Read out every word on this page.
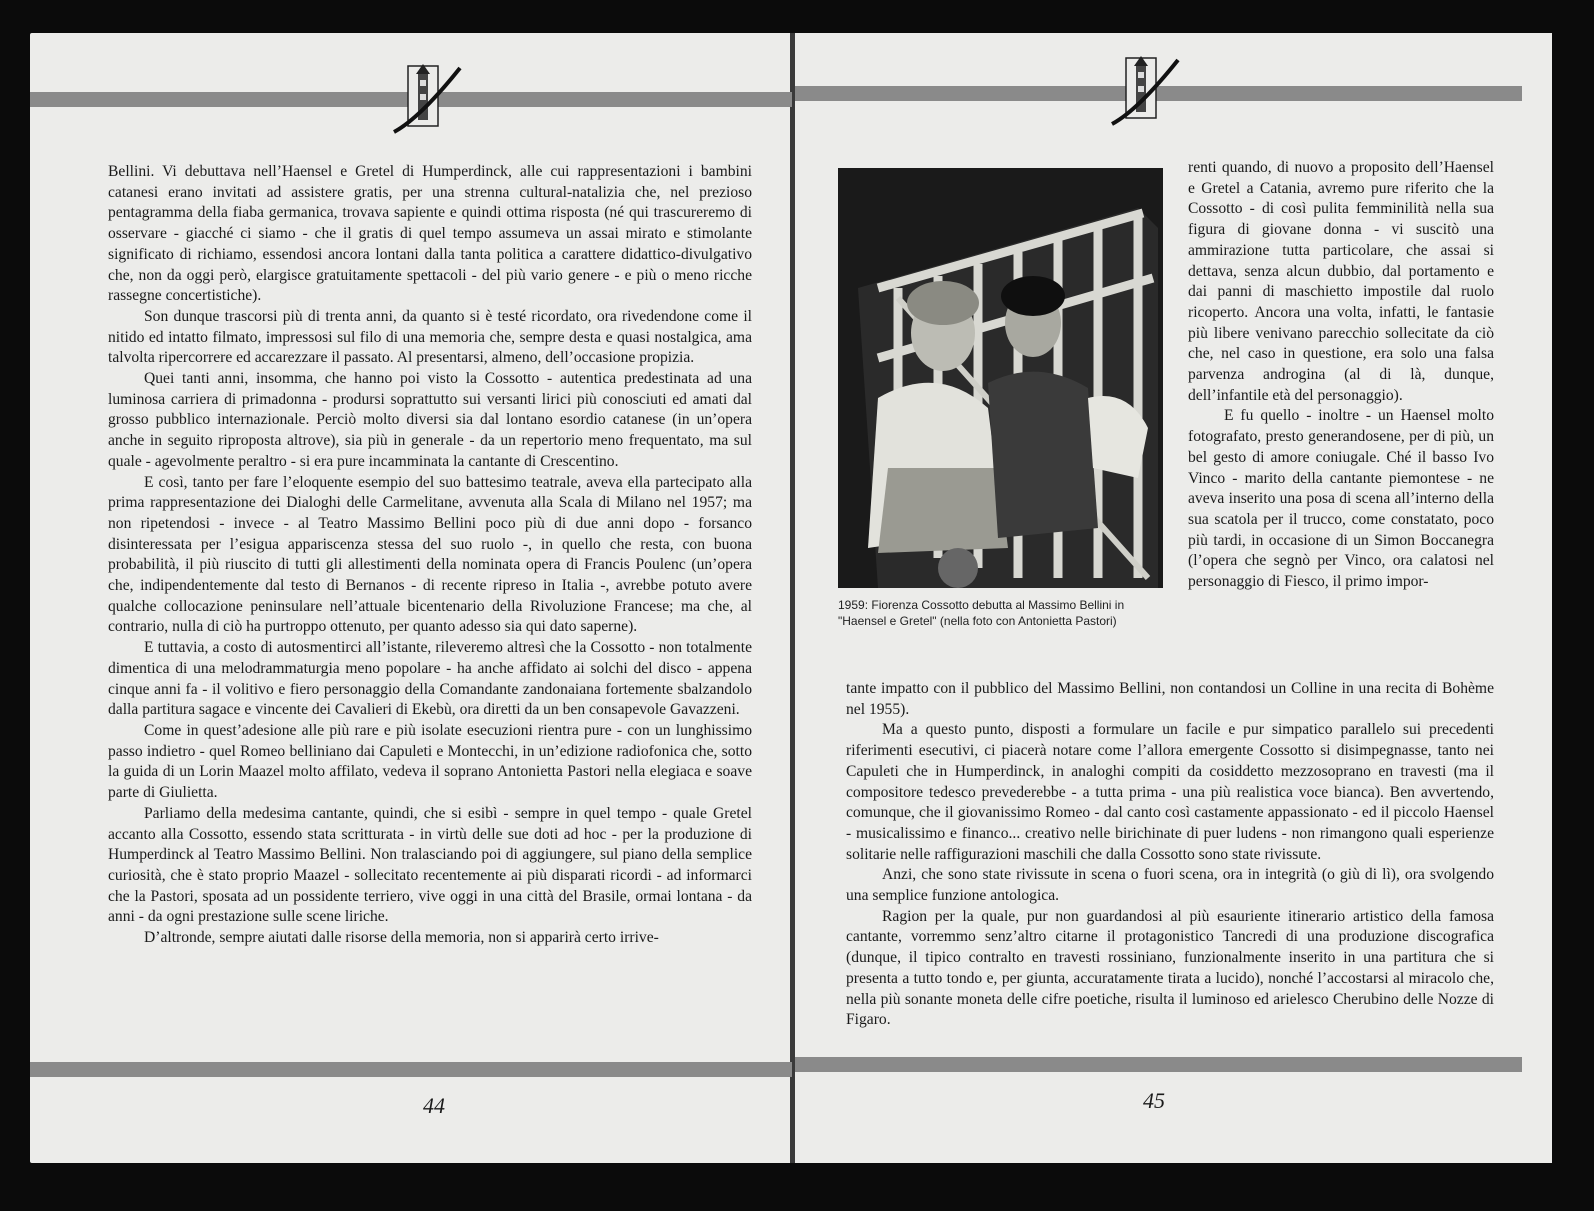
Bellini. Vi debuttava nell’Haensel e Gretel di Humperdinck, alle cui rappresentazioni i bambini catanesi erano invitati ad assistere gratis, per una strenna cultural-natalizia che, nel prezioso pentagramma della fiaba germanica, trovava sapiente e quindi ottima risposta (né qui trascureremo di osservare - giacché ci siamo - che il gratis di quel tempo assumeva un assai mirato e stimolante significato di richiamo, essendosi ancora lontani dalla tanta politica a carattere didattico-divulgativo che, non da oggi però, elargisce gratuitamente spettacoli - del più vario genere - e più o meno ricche rassegne concertistiche).

Son dunque trascorsi più di trenta anni, da quanto si è testé ricordato, ora rivedendone come il nitido ed intatto filmato, impressosi sul filo di una memoria che, sempre desta e quasi nostalgica, ama talvolta ripercorrere ed accarezzare il passato. Al presentarsi, almeno, dell’occasione propizia.

Quei tanti anni, insomma, che hanno poi visto la Cossotto - autentica predestinata ad una luminosa carriera di primadonna - prodursi soprattutto sui versanti lirici più conosciuti ed amati dal grosso pubblico internazionale. Perciò molto diversi sia dal lontano esordio catanese (in un’opera anche in seguito riproposta altrove), sia più in generale - da un repertorio meno frequentato, ma sul quale - agevolmente peraltro - si era pure incamminata la cantante di Crescentino.

E così, tanto per fare l’eloquente esempio del suo battesimo teatrale, aveva ella partecipato alla prima rappresentazione dei Dialoghi delle Carmelitane, avvenuta alla Scala di Milano nel 1957; ma non ripetendosi - invece - al Teatro Massimo Bellini poco più di due anni dopo - forsanco disinteressata per l’esigua appariscenza stessa del suo ruolo -, in quello che resta, con buona probabilità, il più riuscito di tutti gli allestimenti della nominata opera di Francis Poulenc (un’opera che, indipendentemente dal testo di Bernanos - di recente ripreso in Italia -, avrebbe potuto avere qualche collocazione peninsulare nell’attuale bicentenario della Rivoluzione Francese; ma che, al contrario, nulla di ciò ha purtroppo ottenuto, per quanto adesso sia qui dato saperne).

E tuttavia, a costo di autosmentirci all’istante, rileveremo altresì che la Cossotto - non totalmente dimentica di una melodrammaturgia meno popolare - ha anche affidato ai solchi del disco - appena cinque anni fa - il volitivo e fiero personaggio della Comandante zandonaiana fortemente sbalzandolo dalla partitura sagace e vincente dei Cavalieri di Ekebù, ora diretti da un ben consapevole Gavazzeni.

Come in quest’adesione alle più rare e più isolate esecuzioni rientra pure - con un lunghissimo passo indietro - quel Romeo belliniano dai Capuleti e Montecchi, in un’edizione radiofonica che, sotto la guida di un Lorin Maazel molto affilato, vedeva il soprano Antonietta Pastori nella elegiaca e soave parte di Giulietta.

Parliamo della medesima cantante, quindi, che si esibì - sempre in quel tempo - quale Gretel accanto alla Cossotto, essendo stata scritturata - in virtù delle sue doti ad hoc - per la produzione di Humperdinck al Teatro Massimo Bellini. Non tralasciando poi di aggiungere, sul piano della semplice curiosità, che è stato proprio Maazel - sollecitato recentemente ai più disparati ricordi - ad informarci che la Pastori, sposata ad un possidente terriero, vive oggi in una città del Brasile, ormai lontana - da anni - da ogni prestazione sulle scene liriche.

D’altronde, sempre aiutati dalle risorse della memoria, non si apparirà certo irrive-

44
1959: Fiorenza Cossotto debutta al Massimo Bellini in "Haensel e Gretel" (nella foto con Antonietta Pastori)

renti quando, di nuovo a proposito dell’Haensel e Gretel a Catania, avremo pure riferito che la Cossotto - di così pulita femminilità nella sua figura di giovane donna - vi suscitò una ammirazione tutta particolare, che assai si dettava, senza alcun dubbio, dal portamento e dai panni di maschietto impostile dal ruolo ricoperto. Ancora una volta, infatti, le fantasie più libere venivano parecchio sollecitate da ciò che, nel caso in questione, era solo una falsa parvenza androgina (al di là, dunque, dell’infantile età del personaggio).

E fu quello - inoltre - un Haensel molto fotografato, presto generandosene, per di più, un bel gesto di amore coniugale. Ché il basso Ivo Vinco - marito della cantante piemontese - ne aveva inserito una posa di scena all’interno della sua scatola per il trucco, come constatato, poco più tardi, in occasione di un Simon Boccanegra (l’opera che segnò per Vinco, ora calatosi nel personaggio di Fiesco, il primo impor-

tante impatto con il pubblico del Massimo Bellini, non contandosi un Colline in una recita di Bohème nel 1955).

Ma a questo punto, disposti a formulare un facile e pur simpatico parallelo sui precedenti riferimenti esecutivi, ci piacerà notare come l’allora emergente Cossotto si disimpegnasse, tanto nei Capuleti che in Humperdinck, in analoghi compiti da cosiddetto mezzosoprano en travesti (ma il compositore tedesco prevederebbe - a tutta prima - una più realistica voce bianca). Ben avvertendo, comunque, che il giovanissimo Romeo - dal canto così castamente appassionato - ed il piccolo Haensel - musicalissimo e financo... creativo nelle birichinate di puer ludens - non rimangono quali esperienze solitarie nelle raffigurazioni maschili che dalla Cossotto sono state rivissute.

Anzi, che sono state rivissute in scena o fuori scena, ora in integrità (o giù di lì), ora svolgendo una semplice funzione antologica.

Ragion per la quale, pur non guardandosi al più esauriente itinerario artistico della famosa cantante, vorremmo senz’altro citarne il protagonistico Tancredi di una produzione discografica (dunque, il tipico contralto en travesti rossiniano, funzionalmente inserito in una partitura che si presenta a tutto tondo e, per giunta, accuratamente tirata a lucido), nonché l’accostarsi al miracolo che, nella più sonante moneta delle cifre poetiche, risulta il luminoso ed arielesco Cherubino delle Nozze di Figaro.

45
